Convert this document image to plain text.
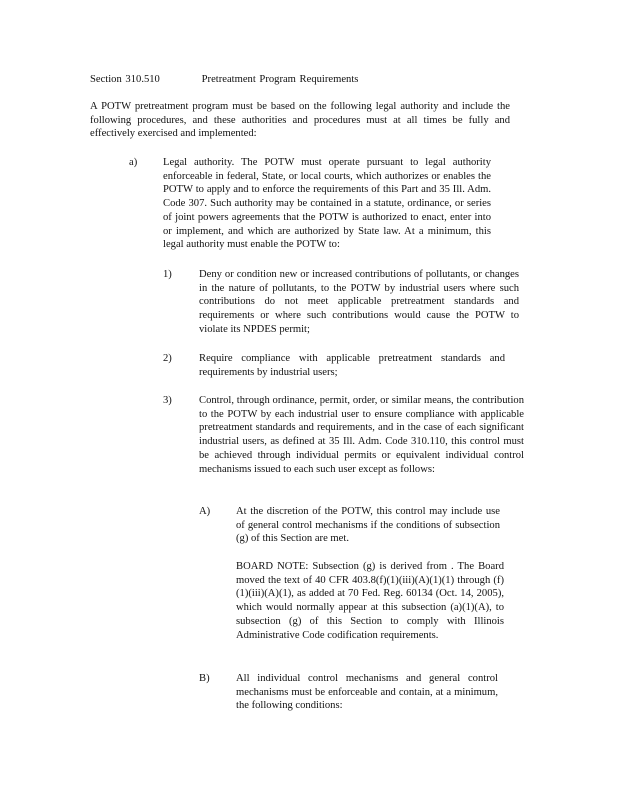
Section 310.510	Pretreatment Program Requirements
A POTW pretreatment program must be based on the following legal authority and include the following procedures, and these authorities and procedures must at all times be fully and effectively exercised and implemented:
a) Legal authority. The POTW must operate pursuant to legal authority enforceable in federal, State, or local courts, which authorizes or enables the POTW to apply and to enforce the requirements of this Part and 35 Ill. Adm. Code 307. Such authority may be contained in a statute, ordinance, or series of joint powers agreements that the POTW is authorized to enact, enter into or implement, and which are authorized by State law. At a minimum, this legal authority must enable the POTW to:
1)	Deny or condition new or increased contributions of pollutants, or changes in the nature of pollutants, to the POTW by industrial users where such contributions do not meet applicable pretreatment standards and requirements or where such contributions would cause the POTW to violate its NPDES permit;
2)	Require compliance with applicable pretreatment standards and requirements by industrial users;
3)	Control, through ordinance, permit, order, or similar means, the contribution to the POTW by each industrial user to ensure compliance with applicable pretreatment standards and requirements, and in the case of each significant industrial users, as defined at 35 Ill. Adm. Code 310.110, this control must be achieved through individual permits or equivalent individual control mechanisms issued to each such user except as follows:
A) At the discretion of the POTW, this control may include use of general control mechanisms if the conditions of subsection (g) of this Section are met.
BOARD NOTE: Subsection (g) is derived from . The Board moved the text of 40 CFR 403.8(f)(1)(iii)(A)(1)(1) through (f)(1)(iii)(A)(1), as added at 70 Fed. Reg. 60134 (Oct. 14, 2005), which would normally appear at this subsection (a)(1)(A), to subsection (g) of this Section to comply with Illinois Administrative Code codification requirements.
B) All individual control mechanisms and general control mechanisms must be enforceable and contain, at a minimum, the following conditions:
